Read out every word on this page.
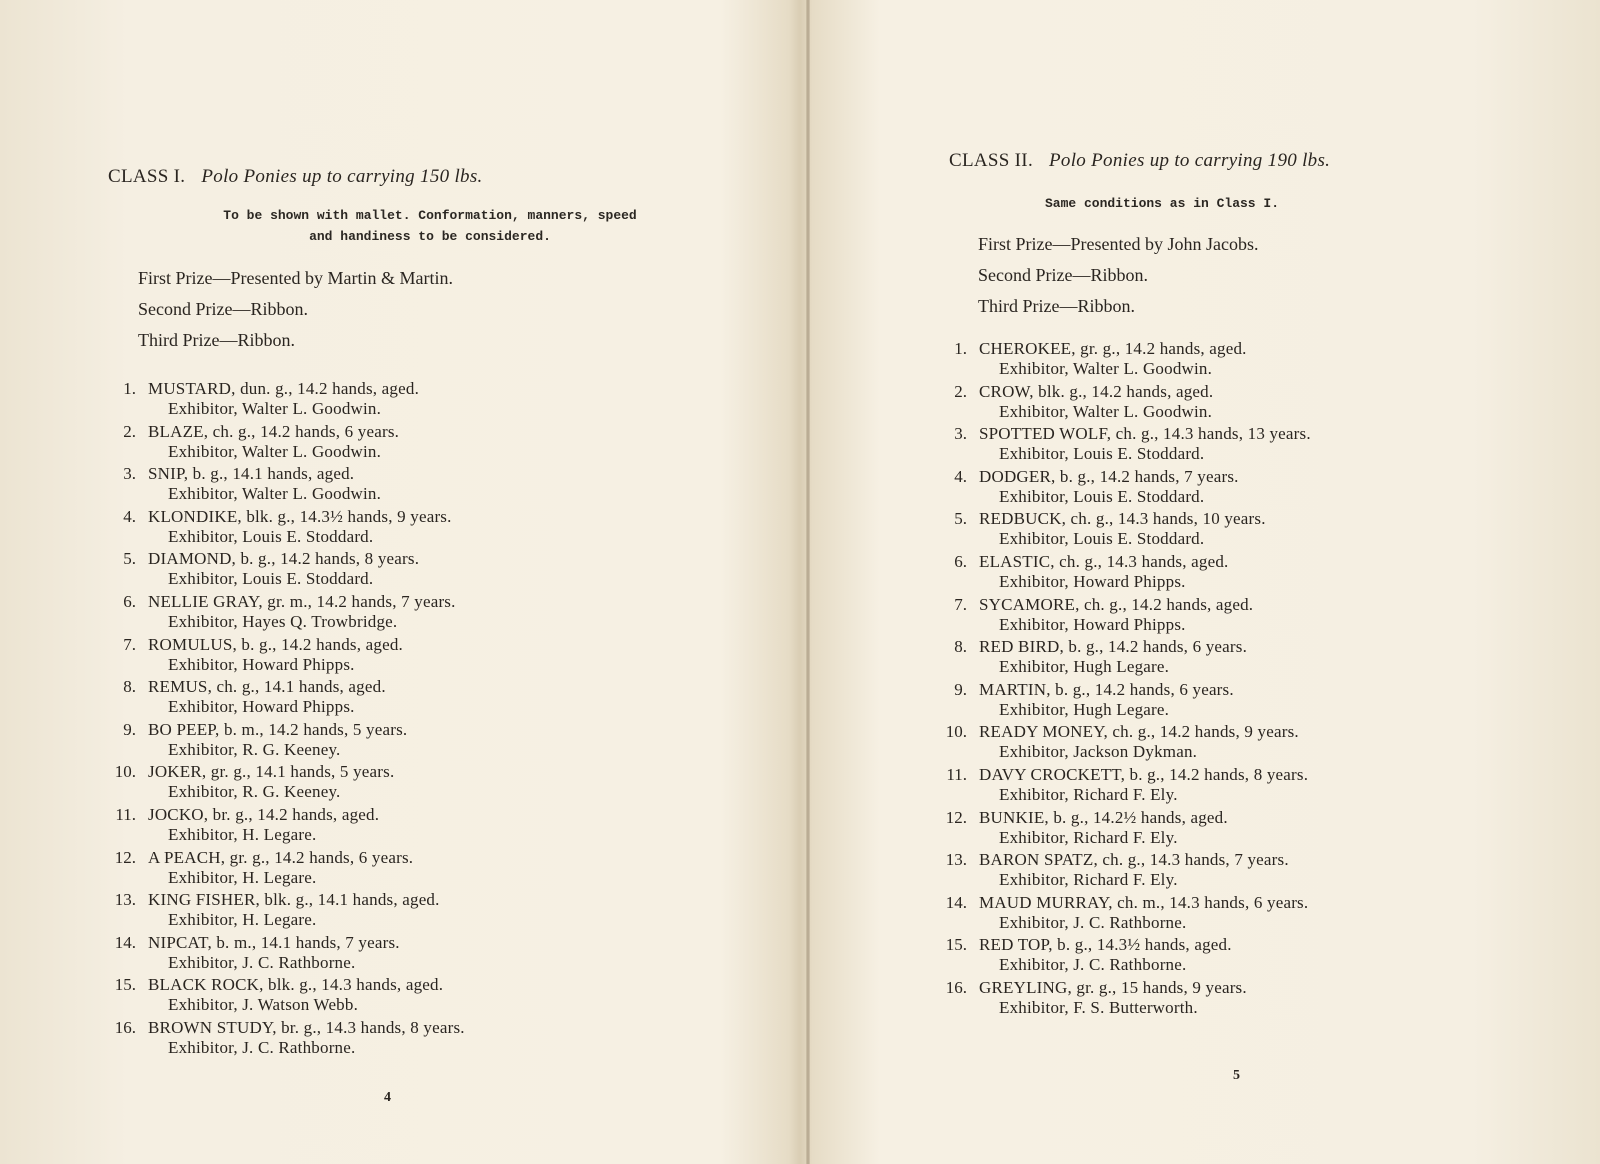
CLASS I. Polo Ponies up to carrying 150 lbs.
To be shown with mallet. Conformation, manners, speed
and handiness to be considered.
First Prize—Presented by Martin & Martin.
Second Prize—Ribbon.
Third Prize—Ribbon.
1. MUSTARD, dun. g., 14.2 hands, aged.
Exhibitor, Walter L. Goodwin.
2. BLAZE, ch. g., 14.2 hands, 6 years.
Exhibitor, Walter L. Goodwin.
3. SNIP, b. g., 14.1 hands, aged.
Exhibitor, Walter L. Goodwin.
4. KLONDIKE, blk. g., 14.3½ hands, 9 years.
Exhibitor, Louis E. Stoddard.
5. DIAMOND, b. g., 14.2 hands, 8 years.
Exhibitor, Louis E. Stoddard.
6. NELLIE GRAY, gr. m., 14.2 hands, 7 years.
Exhibitor, Hayes Q. Trowbridge.
7. ROMULUS, b. g., 14.2 hands, aged.
Exhibitor, Howard Phipps.
8. REMUS, ch. g., 14.1 hands, aged.
Exhibitor, Howard Phipps.
9. BO PEEP, b. m., 14.2 hands, 5 years.
Exhibitor, R. G. Keeney.
10. JOKER, gr. g., 14.1 hands, 5 years.
Exhibitor, R. G. Keeney.
11. JOCKO, br. g., 14.2 hands, aged.
Exhibitor, H. Legare.
12. A PEACH, gr. g., 14.2 hands, 6 years.
Exhibitor, H. Legare.
13. KING FISHER, blk. g., 14.1 hands, aged.
Exhibitor, H. Legare.
14. NIPCAT, b. m., 14.1 hands, 7 years.
Exhibitor, J. C. Rathborne.
15. BLACK ROCK, blk. g., 14.3 hands, aged.
Exhibitor, J. Watson Webb.
16. BROWN STUDY, br. g., 14.3 hands, 8 years.
Exhibitor, J. C. Rathborne.
4
CLASS II. Polo Ponies up to carrying 190 lbs.
Same conditions as in Class I.
First Prize—Presented by John Jacobs.
Second Prize—Ribbon.
Third Prize—Ribbon.
1. CHEROKEE, gr. g., 14.2 hands, aged.
Exhibitor, Walter L. Goodwin.
2. CROW, blk. g., 14.2 hands, aged.
Exhibitor, Walter L. Goodwin.
3. SPOTTED WOLF, ch. g., 14.3 hands, 13 years.
Exhibitor, Louis E. Stoddard.
4. DODGER, b. g., 14.2 hands, 7 years.
Exhibitor, Louis E. Stoddard.
5. REDBUCK, ch. g., 14.3 hands, 10 years.
Exhibitor, Louis E. Stoddard.
6. ELASTIC, ch. g., 14.3 hands, aged.
Exhibitor, Howard Phipps.
7. SYCAMORE, ch. g., 14.2 hands, aged.
Exhibitor, Howard Phipps.
8. RED BIRD, b. g., 14.2 hands, 6 years.
Exhibitor, Hugh Legare.
9. MARTIN, b. g., 14.2 hands, 6 years.
Exhibitor, Hugh Legare.
10. READY MONEY, ch. g., 14.2 hands, 9 years.
Exhibitor, Jackson Dykman.
11. DAVY CROCKETT, b. g., 14.2 hands, 8 years.
Exhibitor, Richard F. Ely.
12. BUNKIE, b. g., 14.2½ hands, aged.
Exhibitor, Richard F. Ely.
13. BARON SPATZ, ch. g., 14.3 hands, 7 years.
Exhibitor, Richard F. Ely.
14. MAUD MURRAY, ch. m., 14.3 hands, 6 years.
Exhibitor, J. C. Rathborne.
15. RED TOP, b. g., 14.3½ hands, aged.
Exhibitor, J. C. Rathborne.
16. GREYLING, gr. g., 15 hands, 9 years.
Exhibitor, F. S. Butterworth.
5
